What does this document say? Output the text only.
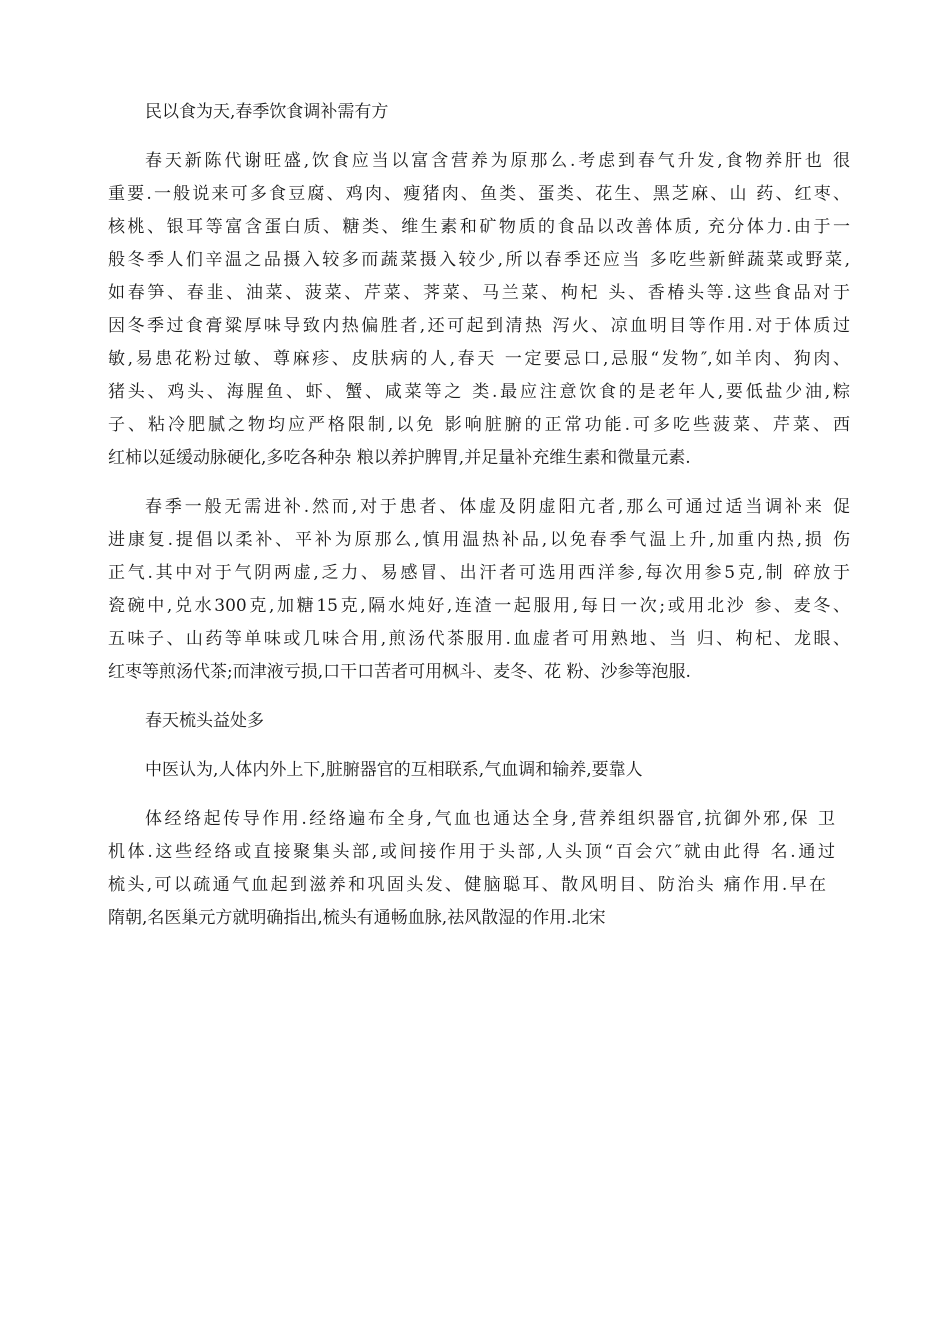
民以食为天,春季饮食调补需有方
春天新陈代谢旺盛,饮食应当以富含营养为原那么.考虑到春气升发,食物养肝也 很
重要.一般说来可多食豆腐、鸡肉、瘦猪肉、鱼类、蛋类、花生、黑芝麻、山 药、红枣、
核桃、银耳等富含蛋白质、糖类、维生素和矿物质的食品以改善体质, 充分体力.由于一
般冬季人们辛温之品摄入较多而蔬菜摄入较少,所以春季还应当 多吃些新鲜蔬菜或野菜,
如春笋、春韭、油菜、菠菜、芹菜、荠菜、马兰菜、枸杞 头、香椿头等.这些食品对于
因冬季过食膏粱厚味导致内热偏胜者,还可起到清热 泻火、凉血明目等作用.对于体质过
敏,易患花粉过敏、尊麻疹、皮肤病的人,春天 一定要忌口,忌服“发物″,如羊肉、狗肉、
猪头、鸡头、海腥鱼、虾、蟹、咸菜等之 类.最应注意饮食的是老年人,要低盐少油,粽
子、粘冷肥腻之物均应严格限制,以免 影响脏腑的正常功能.可多吃些菠菜、芹菜、西
红柿以延缓动脉硬化,多吃各种杂 粮以养护脾胃,并足量补充维生素和微量元素.
春季一般无需进补.然而,对于患者、体虚及阴虚阳亢者,那么可通过适当调补来 促
进康复.提倡以柔补、平补为原那么,慎用温热补品,以免春季气温上升,加重内热,损 伤
正气.其中对于气阴两虚,乏力、易感冒、出汗者可选用西洋参,每次用参5克,制 碎放于
瓷碗中,兑水300克,加糖15克,隔水炖好,连渣一起服用,每日一次;或用北沙 参、麦冬、
五味子、山药等单味或几味合用,煎汤代茶服用.血虚者可用熟地、当 归、枸杞、龙眼、
红枣等煎汤代茶;而津液亏损,口干口苦者可用枫斗、麦冬、花 粉、沙参等泡服.
春天梳头益处多
中医认为,人体内外上下,脏腑器官的互相联系,气血调和输养,要靠人
体经络起传导作用.经络遍布全身,气血也通达全身,营养组织器官,抗御外邪,保 卫
机体.这些经络或直接聚集头部,或间接作用于头部,人头顶“百会穴″就由此得 名.通过
梳头,可以疏通气血起到滋养和巩固头发、健脑聪耳、散风明目、防治头 痛作用.早在
隋朝,名医巢元方就明确指出,梳头有通畅血脉,祛风散湿的作用.北宋
